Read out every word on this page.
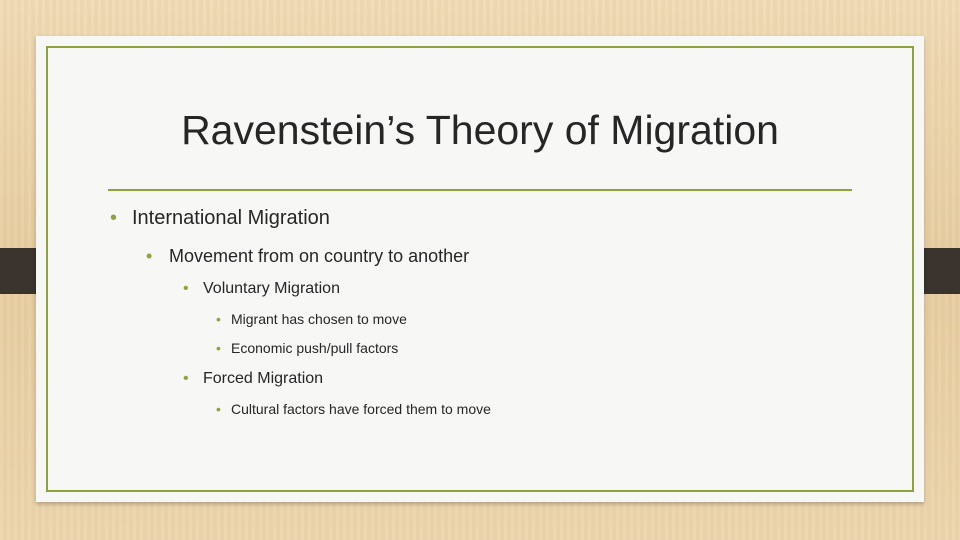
Ravenstein’s Theory of Migration
• International Migration
• Movement from on country to another
• Voluntary Migration
• Migrant has chosen to move
• Economic push/pull factors
• Forced Migration
• Cultural factors have forced them to move
